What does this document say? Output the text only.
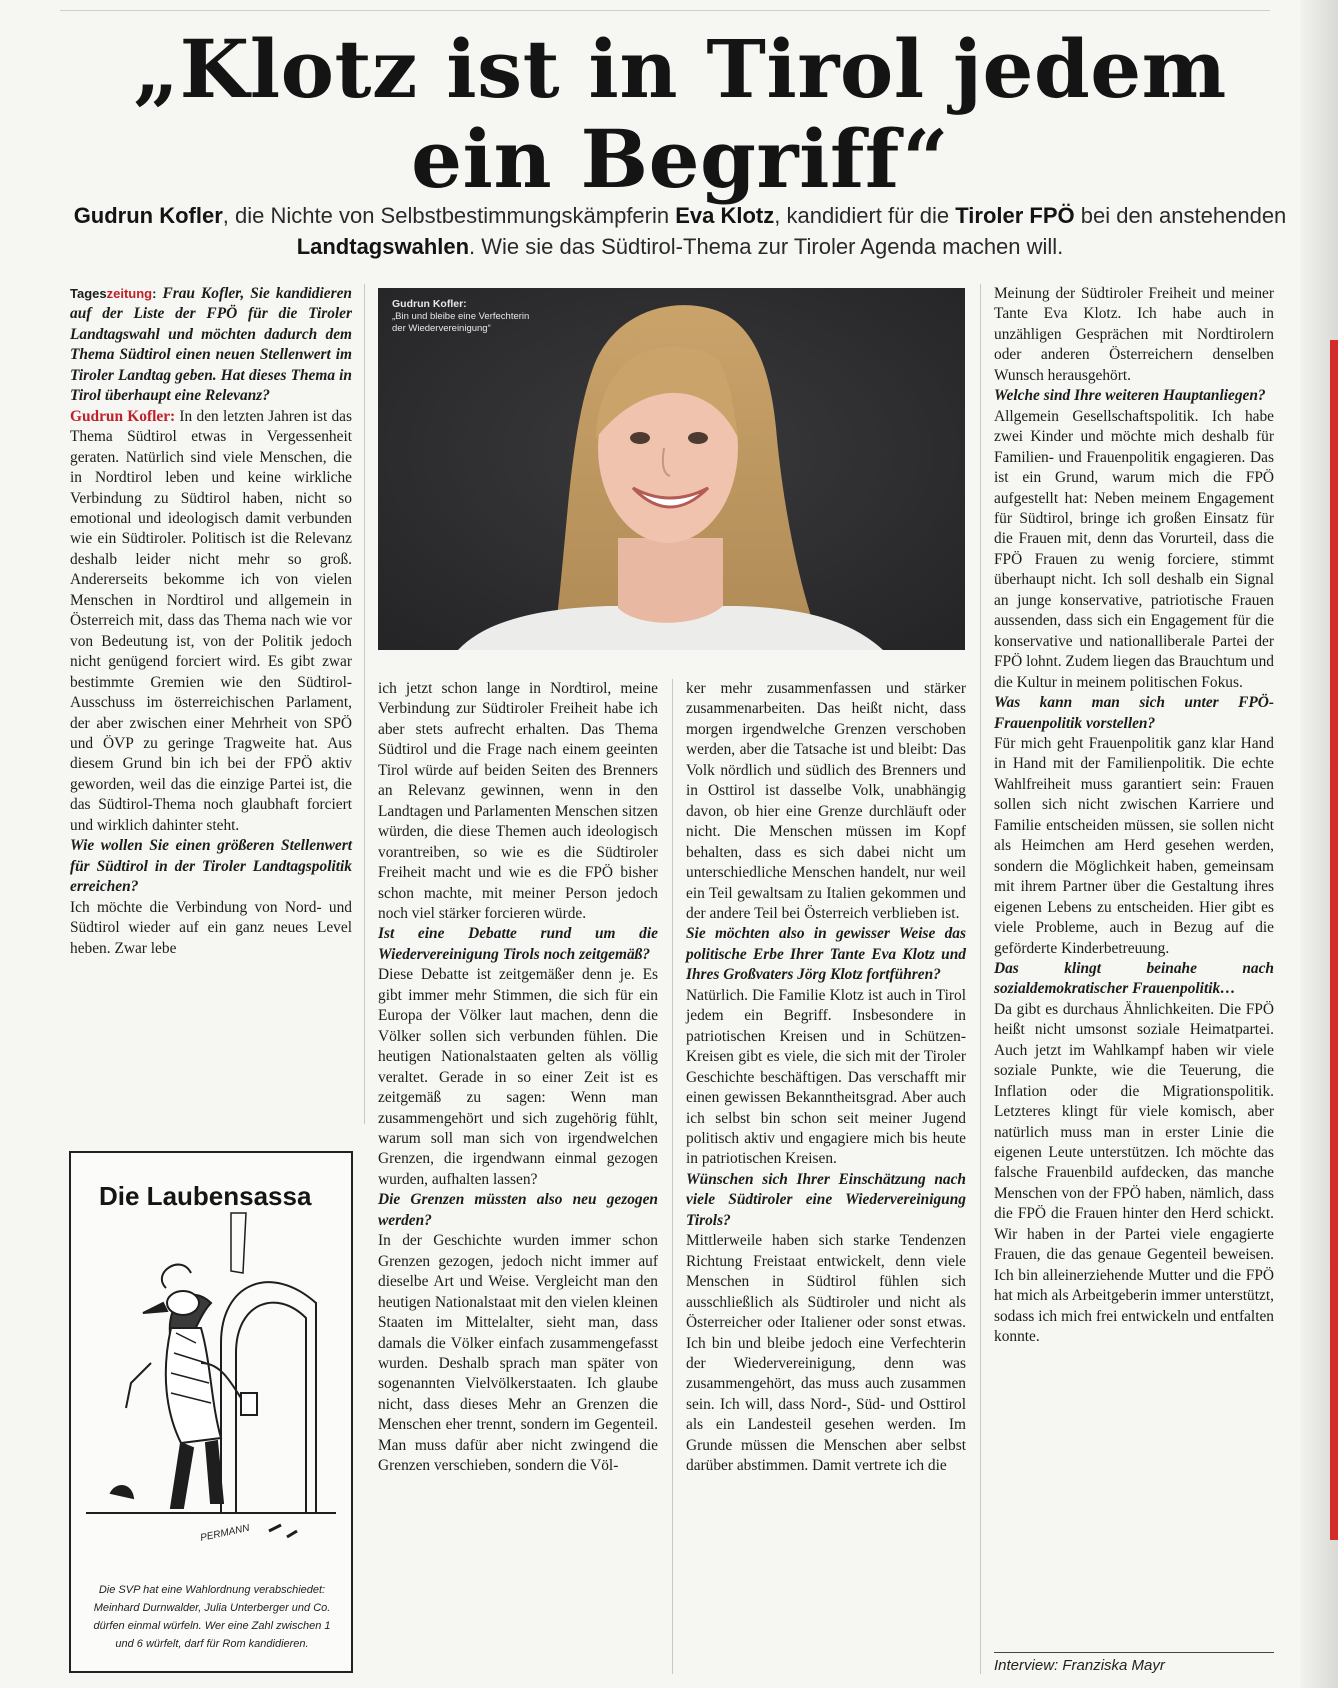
„Klotz ist in Tirol jedem
ein Begriff“
Gudrun Kofler, die Nichte von Selbstbestimmungskämpferin Eva Klotz, kandidiert für die Tiroler FPÖ bei den anstehenden Landtagswahlen. Wie sie das Südtirol-Thema zur Tiroler Agenda machen will.

Tageszeitung: Frau Kofler, Sie kandidieren auf der Liste der FPÖ für die Tiroler Landtagswahl und möchten dadurch dem Thema Südtirol einen neuen Stellenwert im Tiroler Landtag geben. Hat dieses Thema in Tirol überhaupt eine Relevanz?

Gudrun Kofler: In den letzten Jahren ist das Thema Südtirol etwas in Vergessenheit geraten. Natürlich sind viele Menschen, die in Nordtirol leben und keine wirkliche Verbindung zu Südtirol haben, nicht so emotional und ideologisch damit verbunden wie ein Südtiroler. Politisch ist die Relevanz deshalb leider nicht mehr so groß. Andererseits bekomme ich von vielen Menschen in Nordtirol und allgemein in Österreich mit, dass das Thema nach wie vor von Bedeutung ist, von der Politik jedoch nicht genügend forciert wird. Es gibt zwar bestimmte Gremien wie den Südtirol-Ausschuss im österreichischen Parlament, der aber zwischen einer Mehrheit von SPÖ und ÖVP zu geringe Tragweite hat. Aus diesem Grund bin ich bei der FPÖ aktiv geworden, weil das die einzige Partei ist, die das Südtirol-Thema noch glaubhaft forciert und wirklich dahinter steht.

Wie wollen Sie einen größeren Stellenwert für Südtirol in der Tiroler Landtagspolitik erreichen?

Ich möchte die Verbindung von Nord- und Südtirol wieder auf ein ganz neues Level heben. Zwar lebe

Gudrun Kofler:
„Bin und bleibe eine Verfechterin der Wiedervereinigung“

ich jetzt schon lange in Nordtirol, meine Verbindung zur Südtiroler Freiheit habe ich aber stets aufrecht erhalten. Das Thema Südtirol und die Frage nach einem geeinten Tirol würde auf beiden Seiten des Brenners an Relevanz gewinnen, wenn in den Landtagen und Parlamenten Menschen sitzen würden, die diese Themen auch ideologisch vorantreiben, so wie es die Südtiroler Freiheit macht und wie es die FPÖ bisher schon machte, mit meiner Person jedoch noch viel stärker forcieren würde.

Ist eine Debatte rund um die Wiedervereinigung Tirols noch zeitgemäß?

Diese Debatte ist zeitgemäßer denn je. Es gibt immer mehr Stimmen, die sich für ein Europa der Völker laut machen, denn die Völker sollen sich verbunden fühlen. Die heutigen Nationalstaaten gelten als völlig veraltet. Gerade in so einer Zeit ist es zeitgemäß zu sagen: Wenn man zusammengehört und sich zugehörig fühlt, warum soll man sich von irgendwelchen Grenzen, die irgendwann einmal gezogen wurden, aufhalten lassen?

Die Grenzen müssten also neu gezogen werden?

In der Geschichte wurden immer schon Grenzen gezogen, jedoch nicht immer auf dieselbe Art und Weise. Vergleicht man den heutigen Nationalstaat mit den vielen kleinen Staaten im Mittelalter, sieht man, dass damals die Völker einfach zusammengefasst wurden. Deshalb sprach man später von sogenannten Vielvölkerstaaten. Ich glaube nicht, dass dieses Mehr an Grenzen die Menschen eher trennt, sondern im Gegenteil. Man muss dafür aber nicht zwingend die Grenzen verschieben, sondern die Völ-

ker mehr zusammenfassen und stärker zusammenarbeiten. Das heißt nicht, dass morgen irgendwelche Grenzen verschoben werden, aber die Tatsache ist und bleibt: Das Volk nördlich und südlich des Brenners und in Osttirol ist dasselbe Volk, unabhängig davon, ob hier eine Grenze durchläuft oder nicht. Die Menschen müssen im Kopf behalten, dass es sich dabei nicht um unterschiedliche Menschen handelt, nur weil ein Teil gewaltsam zu Italien gekommen und der andere Teil bei Österreich verblieben ist.

Sie möchten also in gewisser Weise das politische Erbe Ihrer Tante Eva Klotz und Ihres Großvaters Jörg Klotz fortführen?

Natürlich. Die Familie Klotz ist auch in Tirol jedem ein Begriff. Insbesondere in patriotischen Kreisen und in Schützen-Kreisen gibt es viele, die sich mit der Tiroler Geschichte beschäftigen. Das verschafft mir einen gewissen Bekanntheitsgrad. Aber auch ich selbst bin schon seit meiner Jugend politisch aktiv und engagiere mich bis heute in patriotischen Kreisen.

Wünschen sich Ihrer Einschätzung nach viele Südtiroler eine Wiedervereinigung Tirols?

Mittlerweile haben sich starke Tendenzen Richtung Freistaat entwickelt, denn viele Menschen in Südtirol fühlen sich ausschließlich als Südtiroler und nicht als Österreicher oder Italiener oder sonst etwas. Ich bin und bleibe jedoch eine Verfechterin der Wiedervereinigung, denn was zusammengehört, das muss auch zusammen sein. Ich will, dass Nord-, Süd- und Osttirol als ein Landesteil gesehen werden. Im Grunde müssen die Menschen aber selbst darüber abstimmen. Damit vertrete ich die

Meinung der Südtiroler Freiheit und meiner Tante Eva Klotz. Ich habe auch in unzähligen Gesprächen mit Nordtirolern oder anderen Österreichern denselben Wunsch herausgehört.

Welche sind Ihre weiteren Hauptanliegen?

Allgemein Gesellschaftspolitik. Ich habe zwei Kinder und möchte mich deshalb für Familien- und Frauenpolitik engagieren. Das ist ein Grund, warum mich die FPÖ aufgestellt hat: Neben meinem Engagement für Südtirol, bringe ich großen Einsatz für die Frauen mit, denn das Vorurteil, dass die FPÖ Frauen zu wenig forciere, stimmt überhaupt nicht. Ich soll deshalb ein Signal an junge konservative, patriotische Frauen aussenden, dass sich ein Engagement für die konservative und nationalliberale Partei der FPÖ lohnt. Zudem liegen das Brauchtum und die Kultur in meinem politischen Fokus.

Was kann man sich unter FPÖ-Frauenpolitik vorstellen?

Für mich geht Frauenpolitik ganz klar Hand in Hand mit der Familienpolitik. Die echte Wahlfreiheit muss garantiert sein: Frauen sollen sich nicht zwischen Karriere und Familie entscheiden müssen, sie sollen nicht als Heimchen am Herd gesehen werden, sondern die Möglichkeit haben, gemeinsam mit ihrem Partner über die Gestaltung ihres eigenen Lebens zu entscheiden. Hier gibt es viele Probleme, auch in Bezug auf die geförderte Kinderbetreuung.

Das klingt beinahe nach sozialdemokratischer Frauenpolitik…

Da gibt es durchaus Ähnlichkeiten. Die FPÖ heißt nicht umsonst soziale Heimatpartei. Auch jetzt im Wahlkampf haben wir viele soziale Punkte, wie die Teuerung, die Inflation oder die Migrationspolitik. Letzteres klingt für viele komisch, aber natürlich muss man in erster Linie die eigenen Leute unterstützen. Ich möchte das falsche Frauenbild aufdecken, das manche Menschen von der FPÖ haben, nämlich, dass die FPÖ die Frauen hinter den Herd schickt. Wir haben in der Partei viele engagierte Frauen, die das genaue Gegenteil beweisen. Ich bin alleinerziehende Mutter und die FPÖ hat mich als Arbeitgeberin immer unterstützt, sodass ich mich frei entwickeln und entfalten konnte.

Interview: Franziska Mayr
Die Laubensassa
PERMANN
Die SVP hat eine Wahlordnung verabschiedet: Meinhard Durnwalder, Julia Unterberger und Co. dürfen einmal würfeln. Wer eine Zahl zwischen 1 und 6 würfelt, darf für Rom kandidieren.
